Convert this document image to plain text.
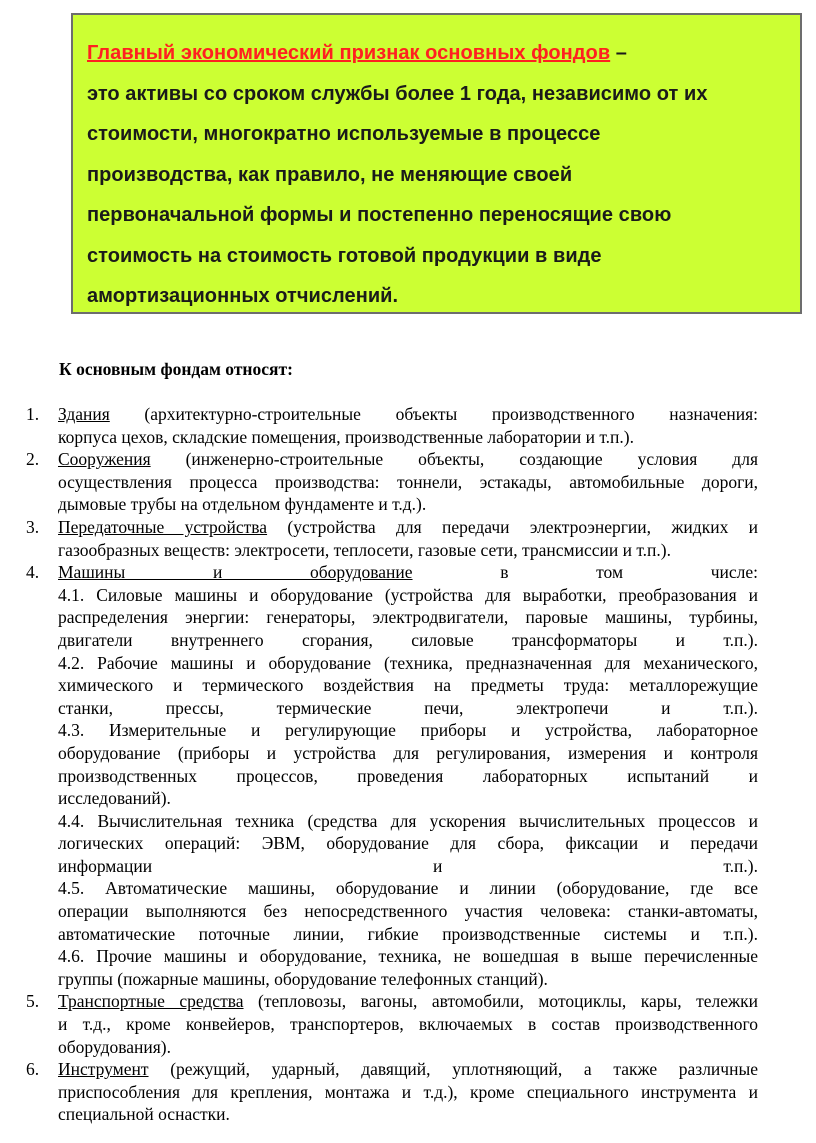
Главный экономический признак основных фондов –
это активы со сроком службы более 1 года, независимо от их
стоимости, многократно используемые в процессе
производства, как правило, не меняющие своей
первоначальной формы и постепенно переносящие свою
стоимость на стоимость готовой продукции в виде
амортизационных отчислений.
К основным фондам относят:
1. Здания (архитектурно-строительные объекты производственного назначения:
корпуса цехов, складские помещения, производственные лаборатории и т.п.).
2. Сооружения (инженерно-строительные объекты, создающие условия для
осуществления процесса производства: тоннели, эстакады, автомобильные дороги,
дымовые трубы на отдельном фундаменте и т.д.).
3. Передаточные устройства (устройства для передачи электроэнергии, жидких и
газообразных веществ: электросети, теплосети, газовые сети, трансмиссии и т.п.).
4. Машины и оборудование в том числе:
4.1. Силовые машины и оборудование (устройства для выработки, преобразования и
распределения энергии: генераторы, электродвигатели, паровые машины, турбины,
двигатели внутреннего сгорания, силовые трансформаторы и т.п.).
4.2. Рабочие машины и оборудование (техника, предназначенная для механического,
химического и термического воздействия на предметы труда: металлорежущие
станки, прессы, термические печи, электропечи и т.п.).
4.3. Измерительные и регулирующие приборы и устройства, лабораторное
оборудование (приборы и устройства для регулирования, измерения и контроля
производственных процессов, проведения лабораторных испытаний и
исследований).
4.4. Вычислительная техника (средства для ускорения вычислительных процессов и
логических операций: ЭВМ, оборудование для сбора, фиксации и передачи
информации и т.п.).
4.5. Автоматические машины, оборудование и линии (оборудование, где все
операции выполняются без непосредственного участия человека: станки-автоматы,
автоматические поточные линии, гибкие производственные системы и т.п.).
4.6. Прочие машины и оборудование, техника, не вошедшая в выше перечисленные
группы (пожарные машины, оборудование телефонных станций).
5. Транспортные средства (тепловозы, вагоны, автомобили, мотоциклы, кары, тележки
и т.д., кроме конвейеров, транспортеров, включаемых в состав производственного
оборудования).
6. Инструмент (режущий, ударный, давящий, уплотняющий, а также различные
приспособления для крепления, монтажа и т.д.), кроме специального инструмента и
специальной оснастки.
